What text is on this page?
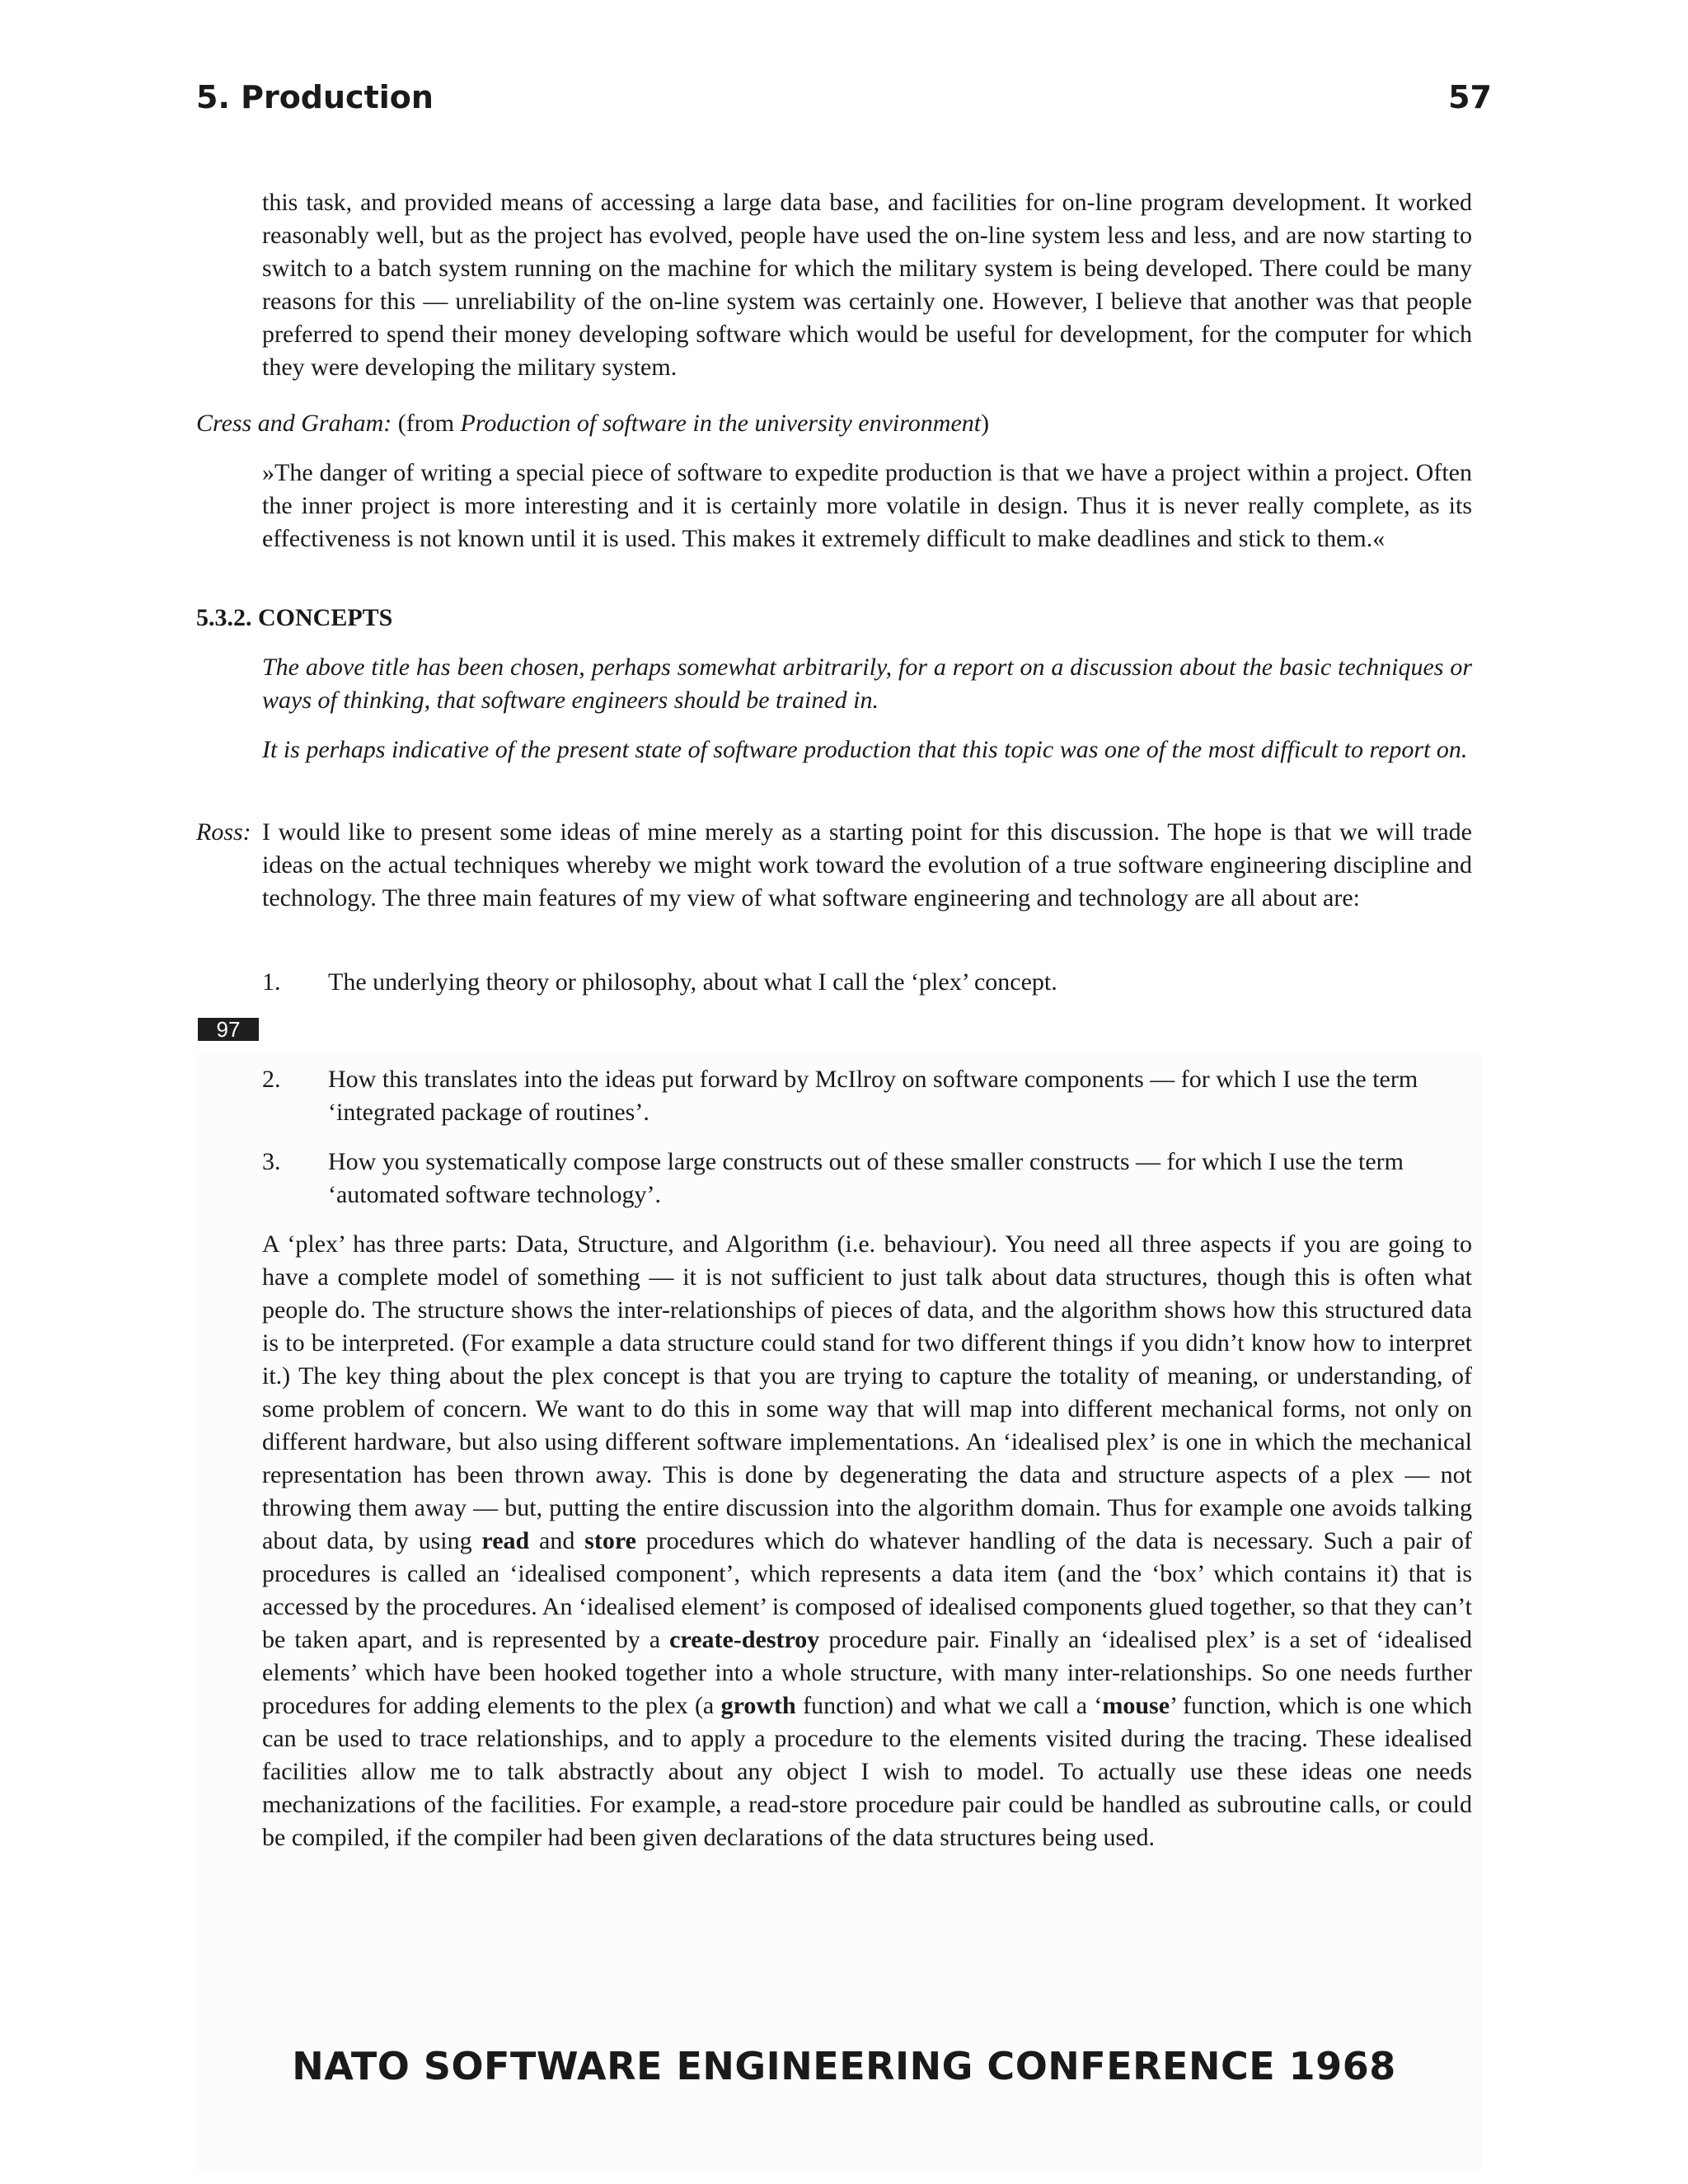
5. Production	57

this task, and provided means of accessing a large data base, and facilities for on-line program development. It worked reasonably well, but as the project has evolved, people have used the on-line system less and less, and are now starting to switch to a batch system running on the machine for which the military system is being developed. There could be many reasons for this — unreliability of the on-line system was certainly one. However, I believe that another was that people preferred to spend their money developing software which would be useful for development, for the computer for which they were developing the military system.

Cress and Graham: (from Production of software in the university environment)

»The danger of writing a special piece of software to expedite production is that we have a project within a project. Often the inner project is more interesting and it is certainly more volatile in design. Thus it is never really complete, as its effectiveness is not known until it is used. This makes it extremely difficult to make deadlines and stick to them.«

5.3.2. CONCEPTS

The above title has been chosen, perhaps somewhat arbitrarily, for a report on a discussion about the basic techniques or ways of thinking, that software engineers should be trained in.

It is perhaps indicative of the present state of software production that this topic was one of the most difficult to report on.

Ross: I would like to present some ideas of mine merely as a starting point for this discussion. The hope is that we will trade ideas on the actual techniques whereby we might work toward the evolution of a true software engineering discipline and technology. The three main features of my view of what software engineering and technology are all about are:
1.	The underlying theory or philosophy, about what I call the ‘plex’ concept.
97
2.	How this translates into the ideas put forward by McIlroy on software components — for which I use the term ‘integrated package of routines’.
3.	How you systematically compose large constructs out of these smaller constructs — for which I use the term ‘automated software technology’.

A ‘plex’ has three parts: Data, Structure, and Algorithm (i.e. behaviour). You need all three aspects if you are going to have a complete model of something — it is not sufficient to just talk about data structures, though this is often what people do. The structure shows the inter-relationships of pieces of data, and the algorithm shows how this structured data is to be interpreted. (For example a data structure could stand for two different things if you didn’t know how to interpret it.) The key thing about the plex concept is that you are trying to capture the totality of meaning, or understanding, of some problem of concern. We want to do this in some way that will map into different mechanical forms, not only on different hardware, but also using different software implementations. An ‘idealised plex’ is one in which the mechanical representation has been thrown away. This is done by degenerating the data and structure aspects of a plex — not throwing them away — but, putting the entire discussion into the algorithm domain. Thus for example one avoids talking about data, by using read and store procedures which do whatever handling of the data is necessary. Such a pair of procedures is called an ‘idealised component’, which represents a data item (and the ‘box’ which contains it) that is accessed by the procedures. An ‘idealised element’ is composed of idealised components glued together, so that they can’t be taken apart, and is represented by a create-destroy procedure pair. Finally an ‘idealised plex’ is a set of ‘idealised elements’ which have been hooked together into a whole structure, with many inter-relationships. So one needs further procedures for adding elements to the plex (a growth function) and what we call a ‘mouse’ function, which is one which can be used to trace relationships, and to apply a procedure to the elements visited during the tracing. These idealised facilities allow me to talk abstractly about any object I wish to model. To actually use these ideas one needs mechanizations of the facilities. For example, a read-store procedure pair could be handled as subroutine calls, or could be compiled, if the compiler had been given declarations of the data structures being used.

NATO SOFTWARE ENGINEERING CONFERENCE 1968
